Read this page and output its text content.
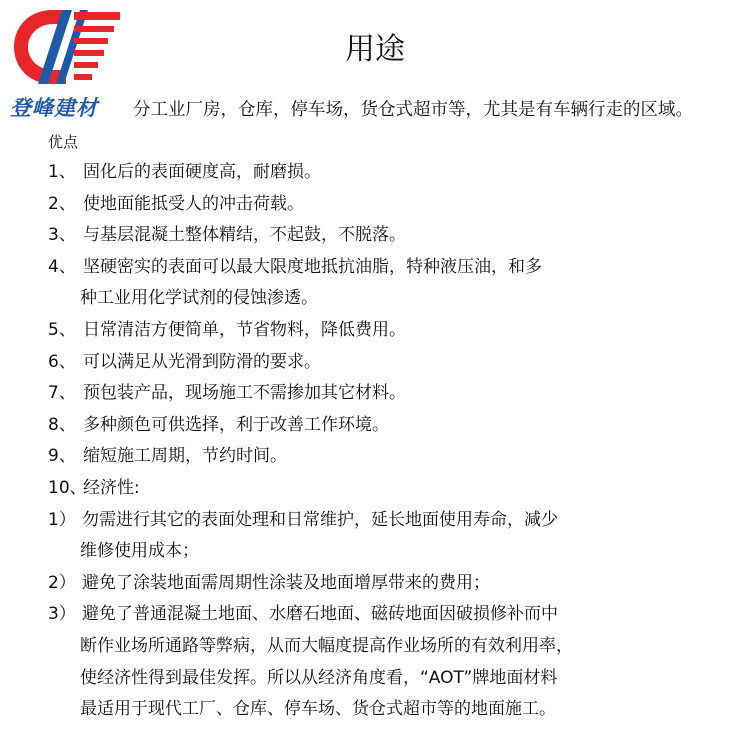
登峰建材
用途
分工业厂房，仓库，停车场，货仓式超市等，尤其是有车辆行走的区域。
优点
1、 固化后的表面硬度高，耐磨损。
2、 使地面能抵受人的冲击荷载。
3、 与基层混凝土整体精结，不起鼓，不脱落。
4、 坚硬密实的表面可以最大限度地抵抗油脂，特种液压油，和多
种工业用化学试剂的侵蚀渗透。
5、 日常清洁方便简单，节省物料，降低费用。
6、 可以满足从光滑到防滑的要求。
7、 预包装产品，现场施工不需掺加其它材料。
8、 多种颜色可供选择，利于改善工作环境。
9、 缩短施工周期，节约时间。
10、经济性:
1） 勿需进行其它的表面处理和日常维护，延长地面使用寿命，减少
维修使用成本；
2） 避免了涂装地面需周期性涂装及地面增厚带来的费用；
3） 避免了普通混凝土地面、水磨石地面、磁砖地面因破损修补而中
断作业场所通路等弊病，从而大幅度提高作业场所的有效利用率，
使经济性得到最佳发挥。所以从经济角度看，“AOT”牌地面材料
最适用于现代工厂、仓库、停车场、货仓式超市等的地面施工。
